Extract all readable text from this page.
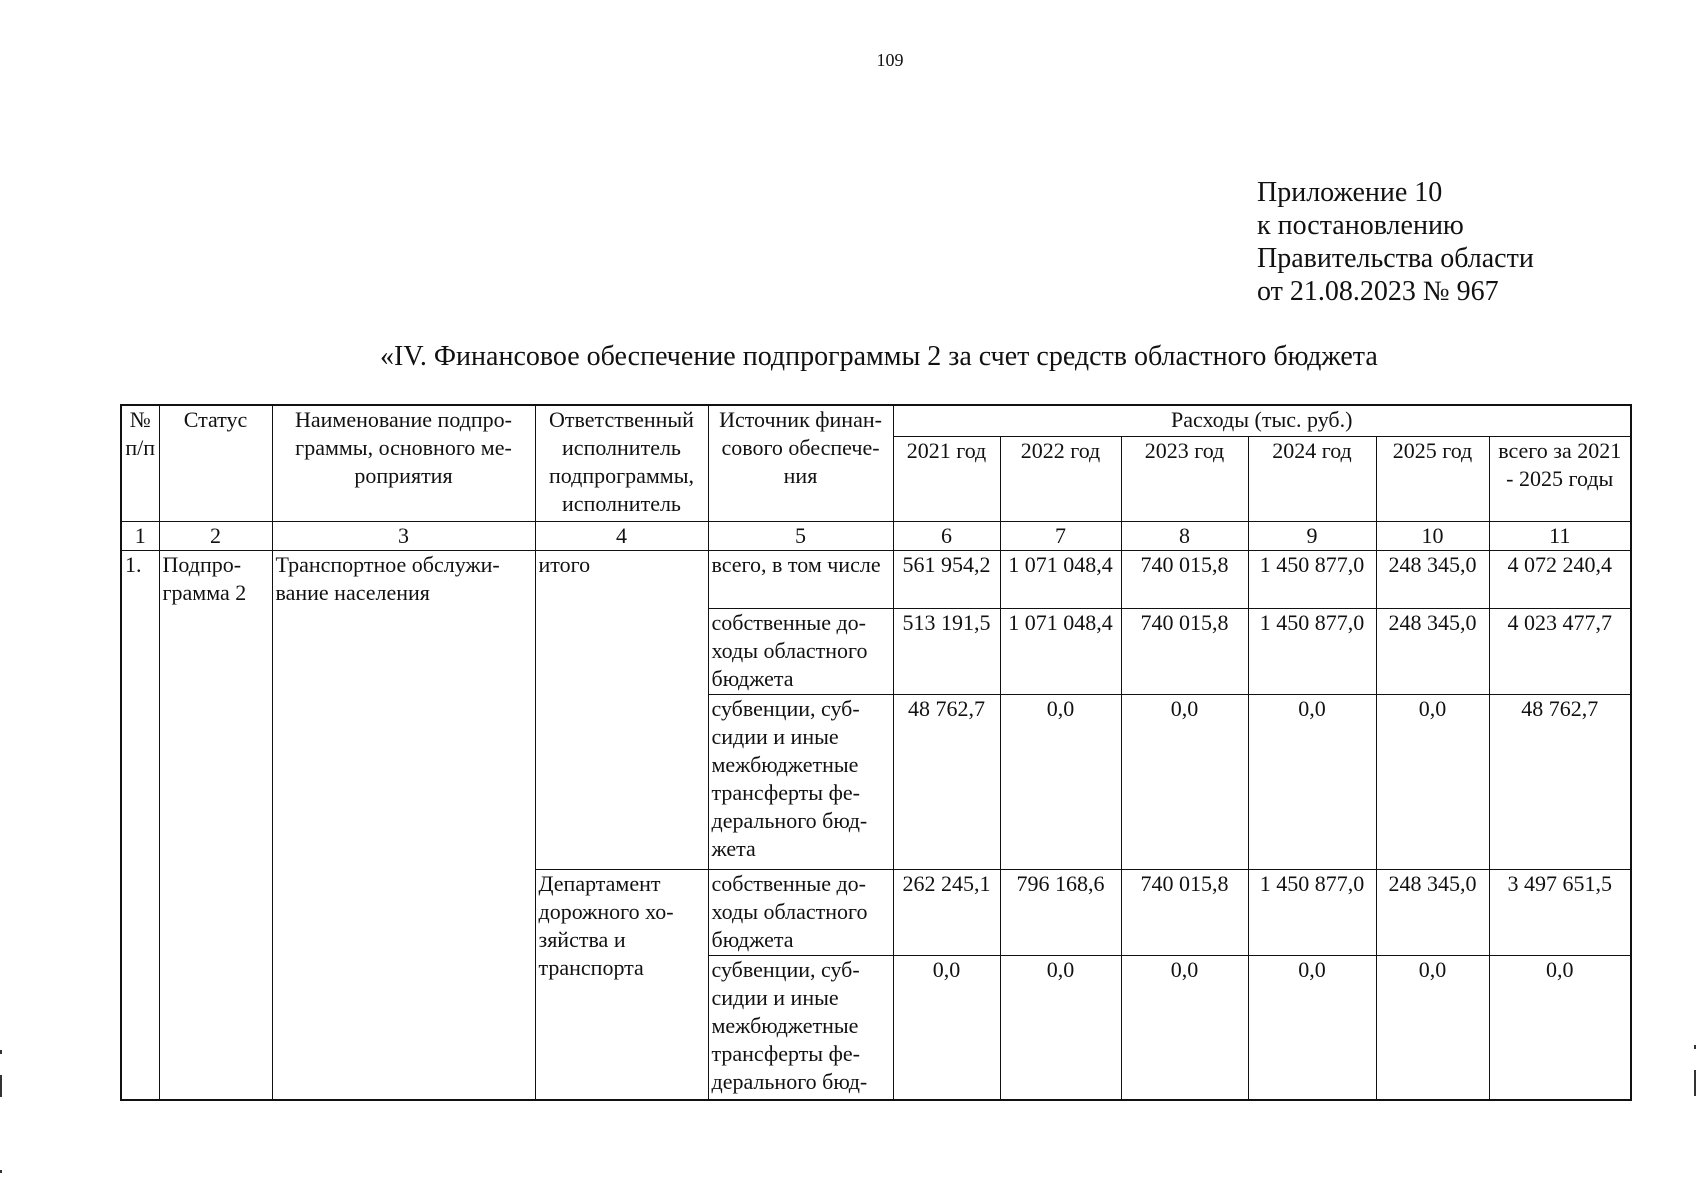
109
Приложение 10
к постановлению
Правительства области
от 21.08.2023 № 967
«IV. Финансовое обеспечение подпрограммы 2 за счет средств областного бюджета
№ п/п	Статус	Наименование подпро-граммы, основного ме-роприятия	Ответственный исполнитель подпрограммы, исполнитель	Источник финан-сового обеспече-ния	Расходы (тыс. руб.)					
					2021 год	2022 год	2023 год	2024 год	2025 год	всего за 2021 - 2025 годы
1	2	3	4	5	6	7	8	9	10	11
1.	Подпро-грамма 2	Транспортное обслужи-вание населения	итого	всего, в том числе	561 954,2	1 071 048,4	740 015,8	1 450 877,0	248 345,0	4 072 240,4
				собственные до-ходы областного бюджета	513 191,5	1 071 048,4	740 015,8	1 450 877,0	248 345,0	4 023 477,7
				субвенции, суб-сидии и иные межбюджетные трансферты фе-дерального бюд-жета	48 762,7	0,0	0,0	0,0	0,0	48 762,7
			Департамент дорожного хо-зяйства и транспорта	собственные до-ходы областного бюджета	262 245,1	796 168,6	740 015,8	1 450 877,0	248 345,0	3 497 651,5
				субвенции, суб-сидии и иные межбюджетные трансферты фе-дерального бюд-	0,0	0,0	0,0	0,0	0,0	0,0
